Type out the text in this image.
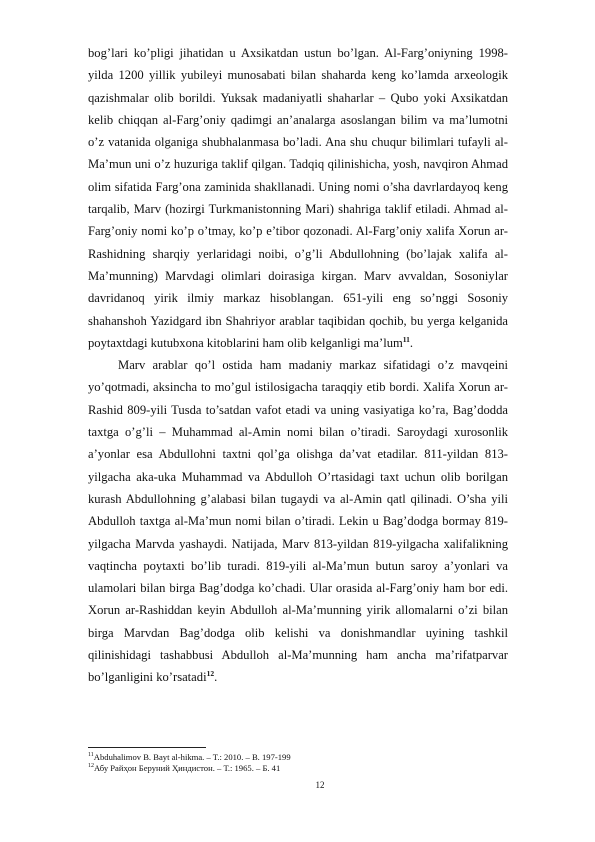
bog’lari ko’pligi jihatidan u Axsikatdan ustun bo’lgan. Al-Farg’oniyning 1998-yilda 1200 yillik yubileyi munosabati bilan shaharda keng ko’lamda arxeologik qazishmalar olib borildi. Yuksak madaniyatli shaharlar – Qubo yoki Axsikatdan kelib chiqqan al-Farg’oniy qadimgi an’analarga asoslangan bilim va ma’lumotni o’z vatanida olganiga shubhalanmasa bo’ladi. Ana shu chuqur bilimlari tufayli al-Ma’mun uni o’z huzuriga taklif qilgan. Tadqiq qilinishicha, yosh, navqiron Ahmad olim sifatida Farg’ona zaminida shakllanadi. Uning nomi o’sha davrlardayoq keng tarqalib, Marv (hozirgi Turkmanistonning Mari) shahriga taklif etiladi. Ahmad al-Farg’oniy nomi ko’p o’tmay, ko’p e’tibor qozonadi. Al-Farg’oniy xalifa Xorun ar-Rashidning sharqiy yerlaridagi noibi, o’g’li Abdullohning (bo’lajak xalifa al-Ma’munning) Marvdagi olimlari doirasiga kirgan. Marv avvaldan, Sosoniylar davridanoq yirik ilmiy markaz hisoblangan. 651-yili eng so’nggi Sosoniy shahanshoh Yazidgard ibn Shahriyor arablar taqibidan qochib, bu yerga kelganida poytaxtdagi kutubxona kitoblarini ham olib kelganligi ma’lum$^{11}$.

Marv arablar qo’l ostida ham madaniy markaz sifatidagi o’z mavqeini yo’qotmadi, aksincha to mo’gul istilosigacha taraqqiy etib bordi. Xalifa Xorun ar-Rashid 809-yili Tusda to’satdan vafot etadi va uning vasiyatiga ko’ra, Bag’dodda taxtga o’g’li – Muhammad al-Amin nomi bilan o’tiradi. Saroydagi xurosonlik a’yonlar esa Abdullohni taxtni qol’ga olishga da’vat etadilar. 811-yildan 813-yilgacha aka-uka Muhammad va Abdulloh O’rtasidagi taxt uchun olib borilgan kurash Abdullohning g’alabasi bilan tugaydi va al-Amin qatl qilinadi. O’sha yili Abdulloh taxtga al-Ma’mun nomi bilan o’tiradi. Lekin u Bag’dodga bormay 819-yilgacha Marvda yashaydi. Natijada, Marv 813-yildan 819-yilgacha xalifalikning vaqtincha poytaxti bo’lib turadi. 819-yili al-Ma’mun butun saroy a’yonlari va ulamolari bilan birga Bag’dodga ko’chadi. Ular orasida al-Farg’oniy ham bor edi. Xorun ar-Rashiddan keyin Abdulloh al-Ma’munning yirik allomalarni o’zi bilan birga Marvdan Bag’dodga olib kelishi va donishmandlar uyining tashkil qilinishidagi tashabbusi Abdulloh al-Ma’munning ham ancha ma’rifatparvar bo’lganligini ko’rsatadi$^{12}$.

$^{11}$Abduhalimov B. Bayt al-hikma. – T.: 2010. – B. 197-199

$^{12}$Абу Райҳон Беруний Ҳиндистон. – Т.: 1965. – Б. 41

12
